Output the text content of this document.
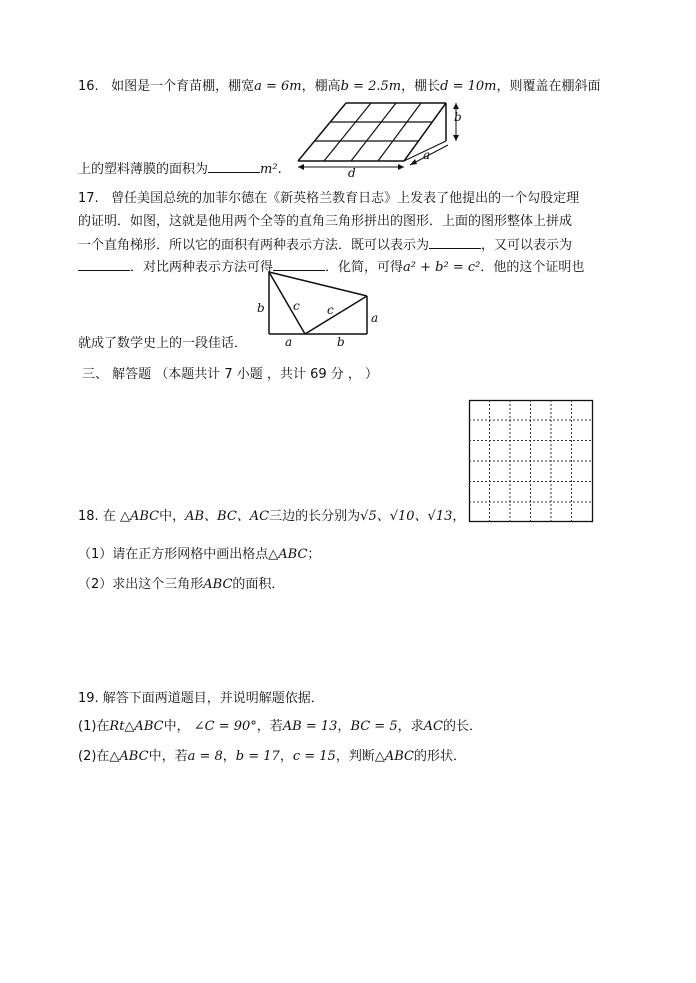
16. 如图是一个育苗棚，棚宽a = 6m，棚高b = 2.5m，棚长d = 10m，则覆盖在棚斜面
b
d
a
上的塑料薄膜的面积为	m².
17. 曾任美国总统的加菲尔德在《新英格兰教育日志》上发表了他提出的一个勾股定理
的证明．如图，这就是他用两个全等的直角三角形拼出的图形．上面的图形整体上拼成
一个直角梯形．所以它的面积有两种表示方法．既可以表示为	，又可以表示为
．对比两种表示方法可得	．化简，可得a² + b² = c²．他的这个证明也
b c c
a
a	b
就成了数学史上的一段佳话．
三、 解答题 （本题共计 7 小题 ，共计 69 分 ， ）
18. 在 △ABC中，AB、BC、AC三边的长分别为√5、√10、√13，
（1）请在正方形网格中画出格点△ABC；
（2）求出这个三角形ABC的面积．
19. 解答下面两道题目，并说明解题依据．
(1)在Rt△ABC中， ∠C = 90°，若AB = 13，BC = 5，求AC的长．
(2)在△ABC中，若a = 8，b = 17，c = 15，判断△ABC的形状．
